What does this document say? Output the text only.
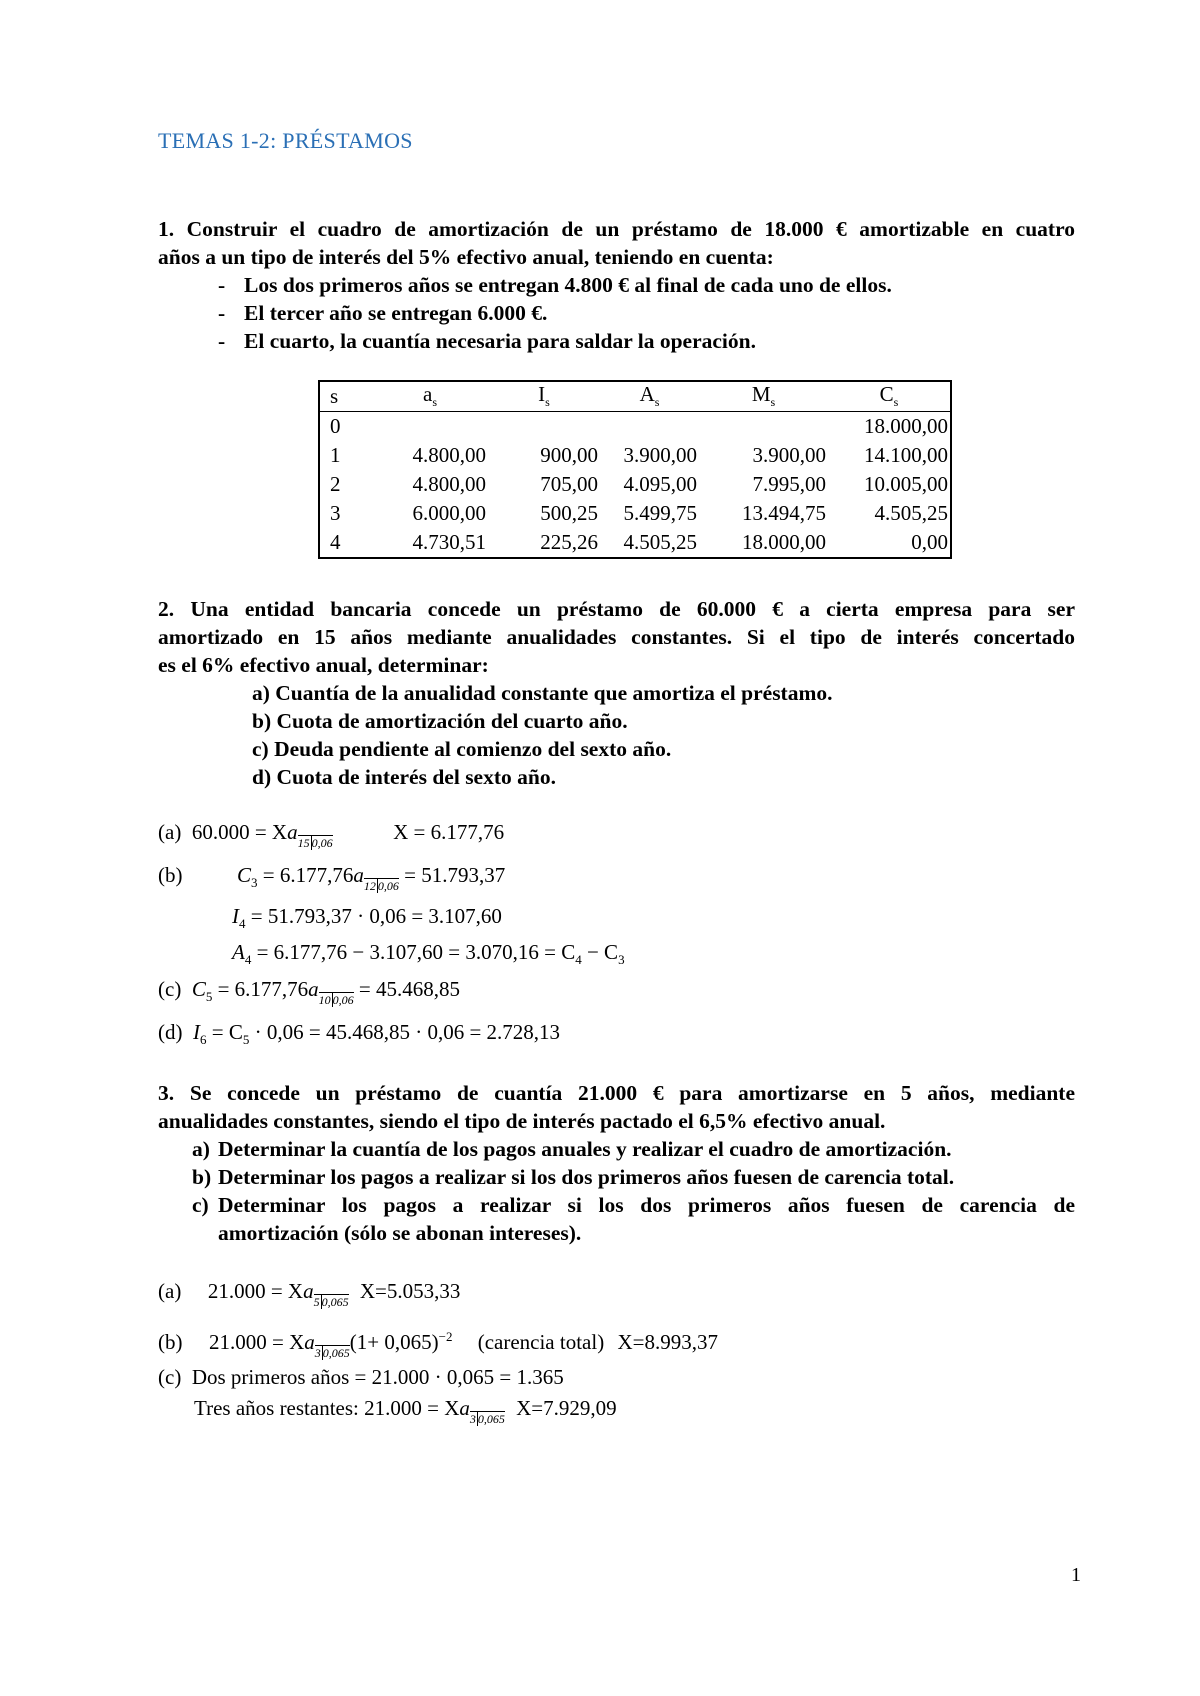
TEMAS 1-2: PRÉSTAMOS
1. Construir el cuadro de amortización de un préstamo de 18.000 € amortizable en cuatro
años a un tipo de interés del 5% efectivo anual, teniendo en cuenta:
- Los dos primeros años se entregan 4.800 € al final de cada uno de ellos.
- El tercer año se entregan 6.000 €.
- El cuarto, la cuantía necesaria para saldar la operación.
s	$a_s$	$I_s$	$A_s$	$M_s$	$C_s$
0					18.000,00
1	4.800,00	900,00	3.900,00	3.900,00	14.100,00
2	4.800,00	705,00	4.095,00	7.995,00	10.005,00
3	6.000,00	500,25	5.499,75	13.494,75	4.505,25
4	4.730,51	225,26	4.505,25	18.000,00	0,00
2. Una entidad bancaria concede un préstamo de 60.000 € a cierta empresa para ser
amortizado en 15 años mediante anualidades constantes. Si el tipo de interés concertado
es el 6% efectivo anual, determinar:
a) Cuantía de la anualidad constante que amortiza el préstamo.
b) Cuota de amortización del cuarto año.
c) Deuda pendiente al comienzo del sexto año.
d) Cuota de interés del sexto año.
(a) $60.000 = Xa_{15 0,06}$	X = 6.177,76
(b)	$C_3 = 6.177,76a_{12 0,06} = 51.793,37$
$I_4 = 51.793,37 \cdot 0,06 = 3.107,60$
$A_4 = 6.177,76 - 3.107,60 = 3.070,16 = C_4 - C_3$
(c) $C_5 = 6.177,76a_{10 0,06} = 45.468,85$
(d) $I_6 = C_5 \cdot 0,06 = 45.468,85 \cdot 0,06 = 2.728,13$
3. Se concede un préstamo de cuantía 21.000 € para amortizarse en 5 años, mediante
anualidades constantes, siendo el tipo de interés pactado el 6,5% efectivo anual.
a) Determinar la cuantía de los pagos anuales y realizar el cuadro de amortización.
b) Determinar los pagos a realizar si los dos primeros años fuesen de carencia total.
c) Determinar los pagos a realizar si los dos primeros años fuesen de carencia de
amortización (sólo se abonan intereses).
(a) $21.000 = Xa_{5 0,065}$ X=5.053,33
(b) $21.000 = Xa_{3 0,065}(1+ 0,065)^{-2}$ (carencia total) X=8.993,37
(c) Dos primeros años = 21.000 · 0,065 = 1.365
Tres años restantes: $21.000 = Xa_{3 0,065}$ X=7.929,09
1
